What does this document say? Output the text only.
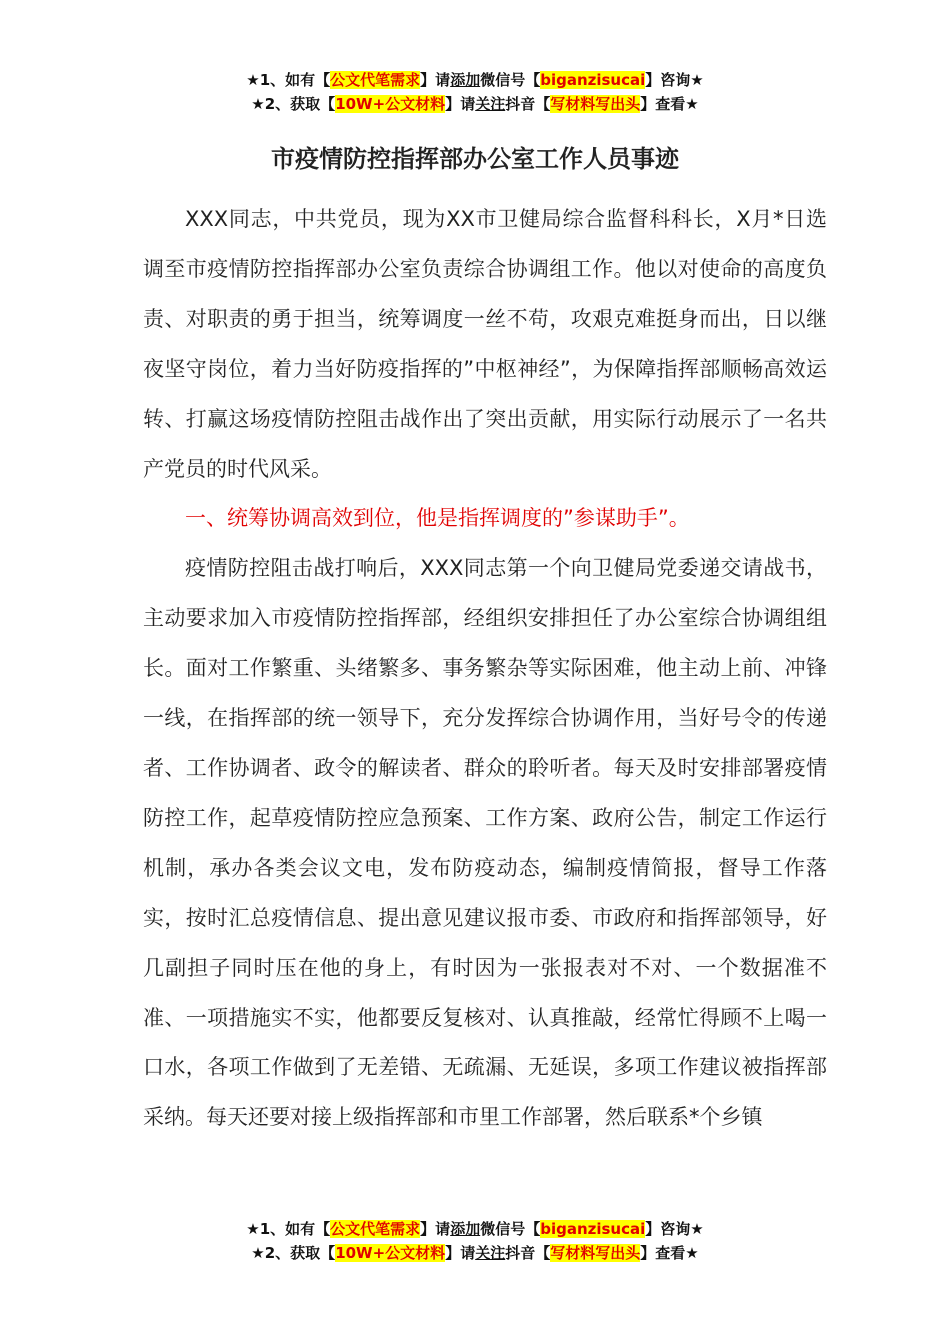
★1、如有【公文代笔需求】请添加微信号【biganzisucai】咨询★
★2、获取【10W+公文材料】请关注抖音【写材料写出头】查看★
市疫情防控指挥部办公室工作人员事迹

XXX同志，中共党员，现为XX市卫健局综合监督科科长，X月*日选调至市疫情防控指挥部办公室负责综合协调组工作。他以对使命的高度负责、对职责的勇于担当，统筹调度一丝不苟，攻艰克难挺身而出，日以继夜坚守岗位，着力当好防疫指挥的”中枢神经”，为保障指挥部顺畅高效运转、打赢这场疫情防控阻击战作出了突出贡献，用实际行动展示了一名共产党员的时代风采。

一、统筹协调高效到位，他是指挥调度的”参谋助手”。

疫情防控阻击战打响后，XXX同志第一个向卫健局党委递交请战书，主动要求加入市疫情防控指挥部，经组织安排担任了办公室综合协调组组长。面对工作繁重、头绪繁多、事务繁杂等实际困难，他主动上前、冲锋一线，在指挥部的统一领导下，充分发挥综合协调作用，当好号令的传递者、工作协调者、政令的解读者、群众的聆听者。每天及时安排部署疫情防控工作，起草疫情防控应急预案、工作方案、政府公告，制定工作运行机制，承办各类会议文电，发布防疫动态，编制疫情简报，督导工作落实，按时汇总疫情信息、提出意见建议报市委、市政府和指挥部领导，好几副担子同时压在他的身上，有时因为一张报表对不对、一个数据准不准、一项措施实不实，他都要反复核对、认真推敲，经常忙得顾不上喝一口水，各项工作做到了无差错、无疏漏、无延误，多项工作建议被指挥部采纳。每天还要对接上级指挥部和市里工作部署，然后联系*个乡镇

★1、如有【公文代笔需求】请添加微信号【biganzisucai】咨询★
★2、获取【10W+公文材料】请关注抖音【写材料写出头】查看★
